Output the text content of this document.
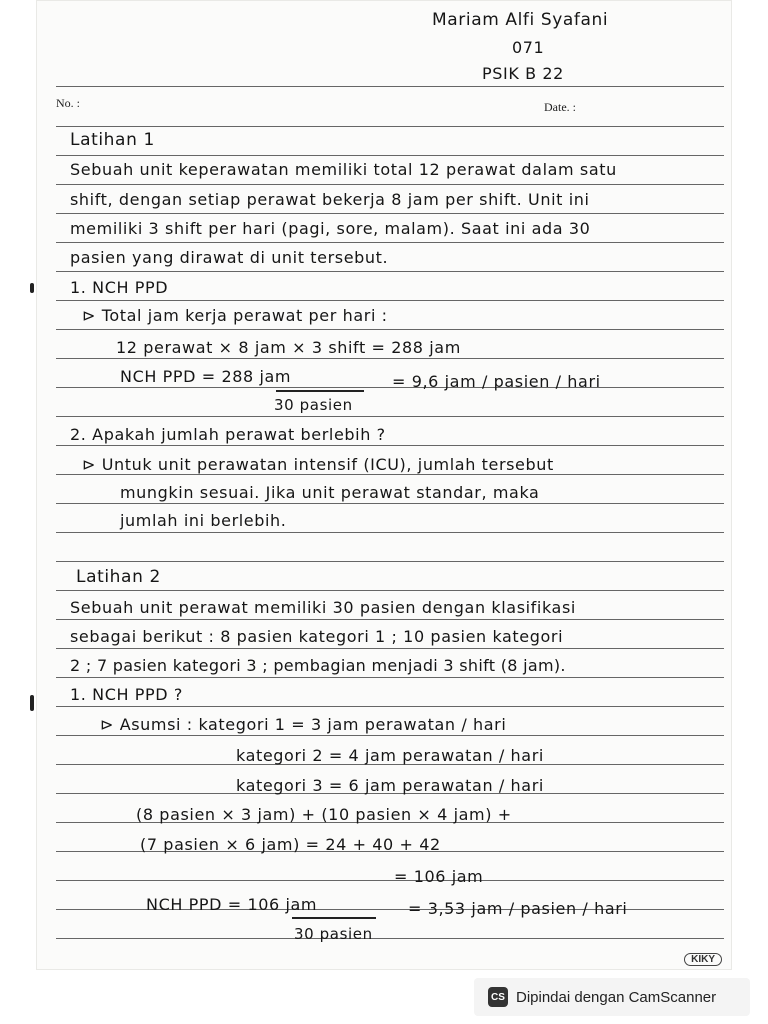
Mariam Alfi Syafani
071
PSIK B 22
No. :	Date. :
Latihan 1
Sebuah unit keperawatan memiliki total 12 perawat dalam satu
shift, dengan setiap perawat bekerja 8 jam per shift. Unit ini
memiliki 3 shift per hari (pagi, sore, malam). Saat ini ada 30
pasien yang dirawat di unit tersebut.
1. NCH PPD
⊳ Total jam kerja perawat per hari :
12 perawat × 8 jam × 3 shift = 288 jam
NCH PPD = 288 jam	= 9,6 jam / pasien / hari
30 pasien
2. Apakah jumlah perawat berlebih ?
⊳ Untuk unit perawatan intensif (ICU), jumlah tersebut
mungkin sesuai. Jika unit perawat standar, maka
jumlah ini berlebih.
Latihan 2
Sebuah unit perawat memiliki 30 pasien dengan klasifikasi
sebagai berikut : 8 pasien kategori 1 ; 10 pasien kategori
2 ; 7 pasien kategori 3 ; pembagian menjadi 3 shift (8 jam).
1. NCH PPD ?
⊳ Asumsi : kategori 1 = 3 jam perawatan / hari
kategori 2 = 4 jam perawatan / hari
kategori 3 = 6 jam perawatan / hari
(8 pasien × 3 jam) + (10 pasien × 4 jam) +
(7 pasien × 6 jam) = 24 + 40 + 42
= 106 jam
NCH PPD = 106 jam	= 3,53 jam / pasien / hari
30 pasien
KIKY
CS Dipindai dengan CamScanner
